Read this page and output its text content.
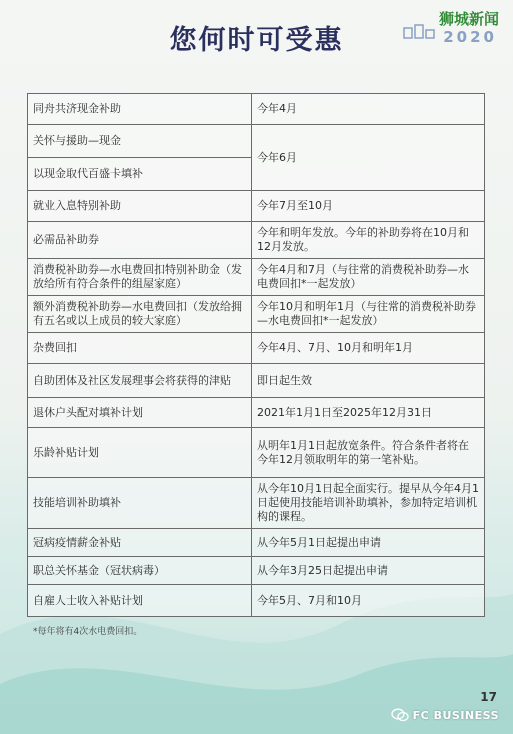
狮城新闻
2020
您何时可受惠
同舟共济现金补助	今年4月
关怀与援助—现金	今年6月
以现金取代百盛卡填补	
就业入息特别补助	今年7月至10月
必需品补助券	今年和明年发放。今年的补助券将在10月和12月发放。
消费税补助券—水电费回扣特别补助金（发放给所有符合条件的组屋家庭）	今年4月和7月（与往常的消费税补助券—水电费回扣*一起发放）
额外消费税补助券—水电费回扣（发放给拥有五名或以上成员的较大家庭）	今年10月和明年1月（与往常的消费税补助券—水电费回扣*一起发放）
杂费回扣	今年4月、7月、10月和明年1月
自助团体及社区发展理事会将获得的津贴	即日起生效
退休户头配对填补计划	2021年1月1日至2025年12月31日
乐龄补贴计划	从明年1月1日起放宽条件。符合条件者将在今年12月领取明年的第一笔补贴。
技能培训补助填补	从今年10月1日起全面实行。提早从今年4月1日起使用技能培训补助填补，参加特定培训机构的课程。
冠病疫情薪金补贴	从今年5月1日起提出申请
职总关怀基金（冠状病毒）	从今年3月25日起提出申请
自雇人士收入补贴计划	今年5月、7月和10月
*每年将有4次水电费回扣。
17
FC BUSINESS
